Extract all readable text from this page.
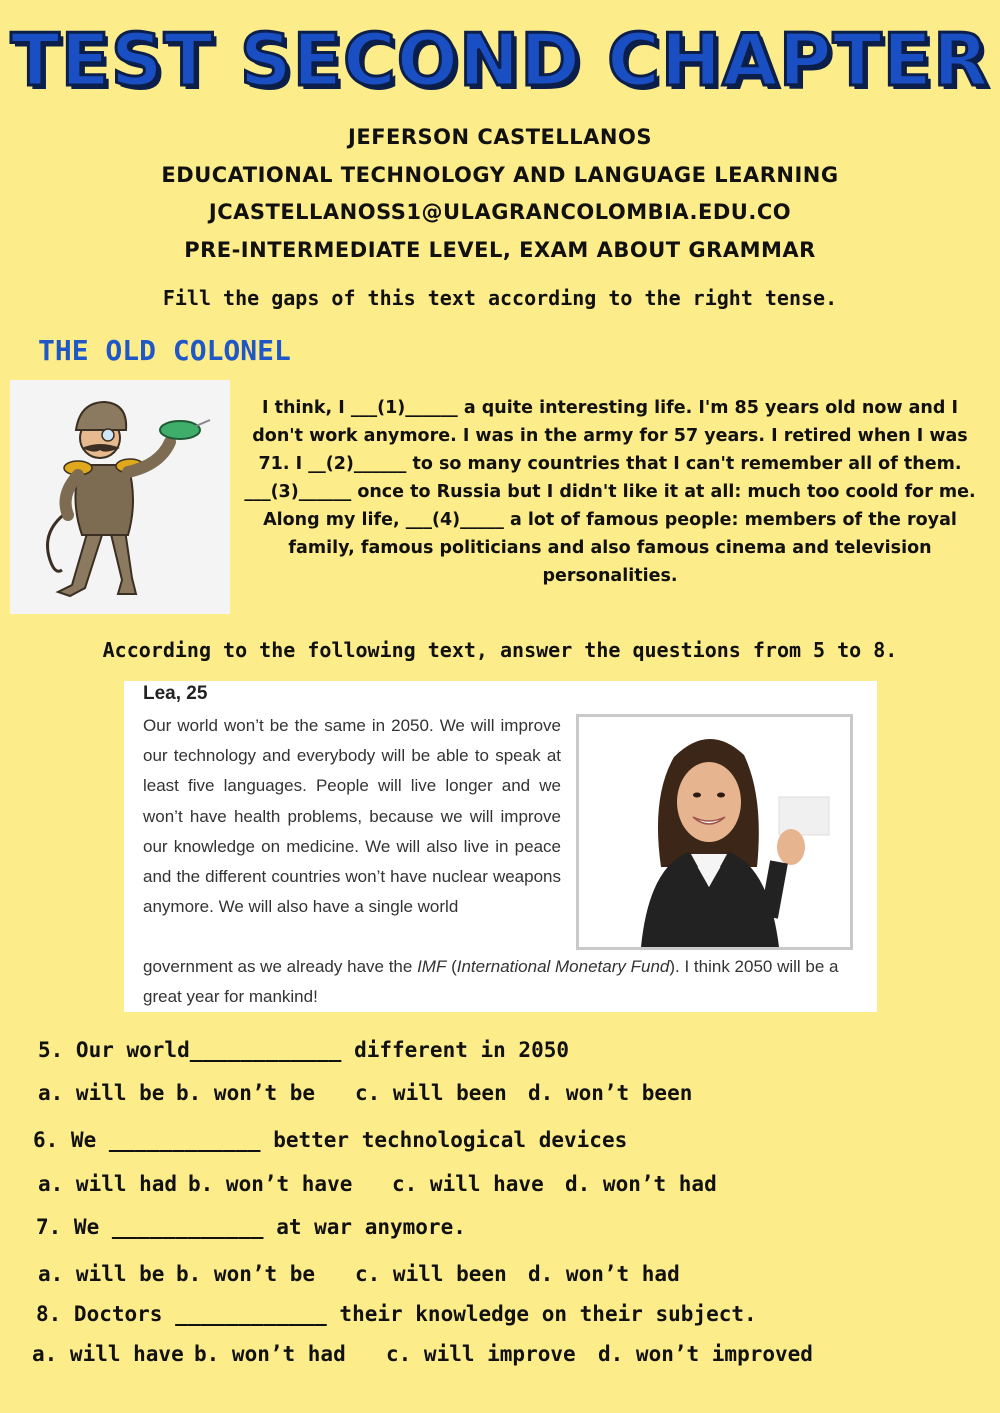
TEST SECOND CHAPTER
JEFERSON CASTELLANOS
EDUCATIONAL TECHNOLOGY AND LANGUAGE LEARNING
JCASTELLANOSS1@ULAGRANCOLOMBIA.EDU.CO
PRE-INTERMEDIATE LEVEL, EXAM ABOUT GRAMMAR
Fill the gaps of this text according to the right tense.
THE OLD COLONEL
I think, I ___(1)______ a quite interesting life. I'm 85 years old now and I don't work anymore. I was in the army for 57 years. I retired when I was 71. I __(2)______ to so many countries that I can't remember all of them. ___(3)______ once to Russia but I didn't like it at all: much too coold for me.
Along my life, ___(4)_____ a lot of famous people: members of the royal family, famous politicians and also famous cinema and television personalities.
According to the following text, answer the questions from 5 to 8.
Lea, 25
Our world won’t be the same in 2050. We will improve our technology and everybody will be able to speak at least five languages. People will live longer and we won’t have health problems, because we will improve our knowledge on medicine. We will also live in peace and the different countries won’t have nuclear weapons anymore. We will also have a single world
government as we already have the IMF (International Monetary Fund). I think 2050 will be a great year for mankind!
5. Our world____________ different in 2050
a. will be b. won’t be c. will been d. won’t been
6. We ____________ better technological devices
a. will had b. won’t have c. will have d. won’t had
7. We ____________ at war anymore.
a. will be b. won’t be c. will been d. won’t had
8. Doctors ____________ their knowledge on their subject.
a. will have b. won’t had c. will improve d. won’t improved
